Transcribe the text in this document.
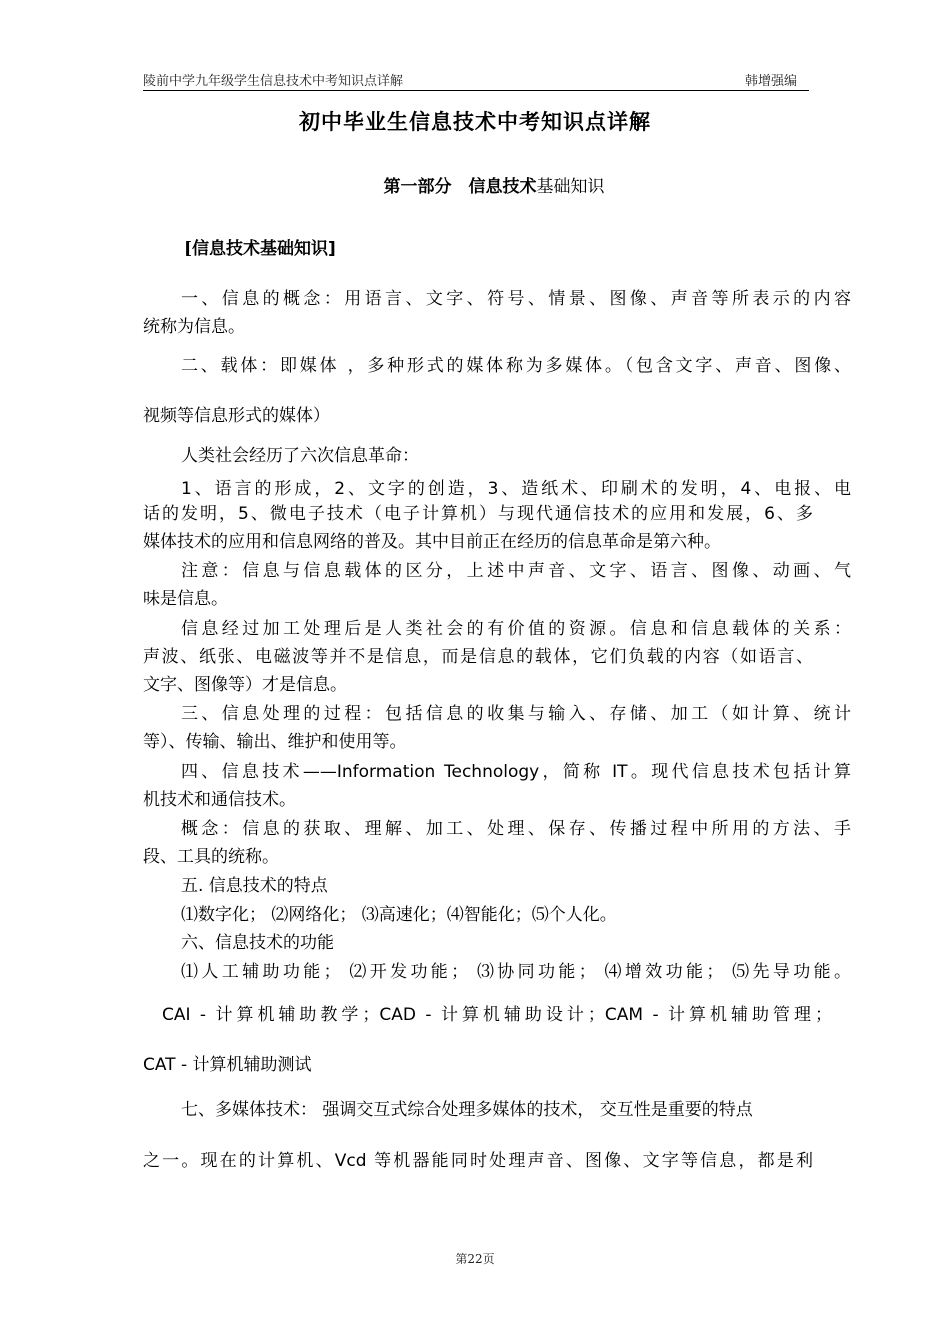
陵前中学九年级学生信息技术中考知识点详解	韩增强编
初中毕业生信息技术中考知识点详解
第一部分　信息技术基础知识
[信息技术基础知识]
一、信息的概念：用语言、文字、符号、情景、图像、声音等所表示的内容
统称为信息。
二、载体：即媒体 ，多种形式的媒体称为多媒体。（包含文字、声音、图像、
视频等信息形式的媒体）
人类社会经历了六次信息革命：
1、语言的形成，2、文字的创造，3、造纸术、印刷术的发明，4、电报、电
话的发明，5、微电子技术（电子计算机）与现代通信技术的应用和发展，6、多
媒体技术的应用和信息网络的普及。其中目前正在经历的信息革命是第六种。
注意：信息与信息载体的区分，上述中声音、文字、语言、图像、动画、气
味是信息。
信息经过加工处理后是人类社会的有价值的资源。信息和信息载体的关系：
声波、纸张、电磁波等并不是信息，而是信息的载体，它们负载的内容（如语言、
文字、图像等）才是信息。
三、信息处理的过程：包括信息的收集与输入、存储、加工（如计算、统计
等）、传输、输出、维护和使用等。
四、信息技术——Information Technology，简称 IT。现代信息技术包括计算
机技术和通信技术。
概念：信息的获取、理解、加工、处理、保存、传播过程中所用的方法、手
段、工具的统称。
五. 信息技术的特点
⑴数字化； ⑵网络化； ⑶高速化；⑷智能化；⑸个人化。
六、信息技术的功能
⑴人工辅助功能； ⑵开发功能； ⑶协同功能； ⑷增效功能； ⑸先导功能。
CAI - 计算机辅助教学；CAD - 计算机辅助设计；CAM - 计算机辅助管理；
CAT - 计算机辅助测试
七、多媒体技术： 强调交互式综合处理多媒体的技术， 交互性是重要的特点
之一。现在的计算机、Vcd 等机器能同时处理声音、图像、文字等信息，都是利
第22页
